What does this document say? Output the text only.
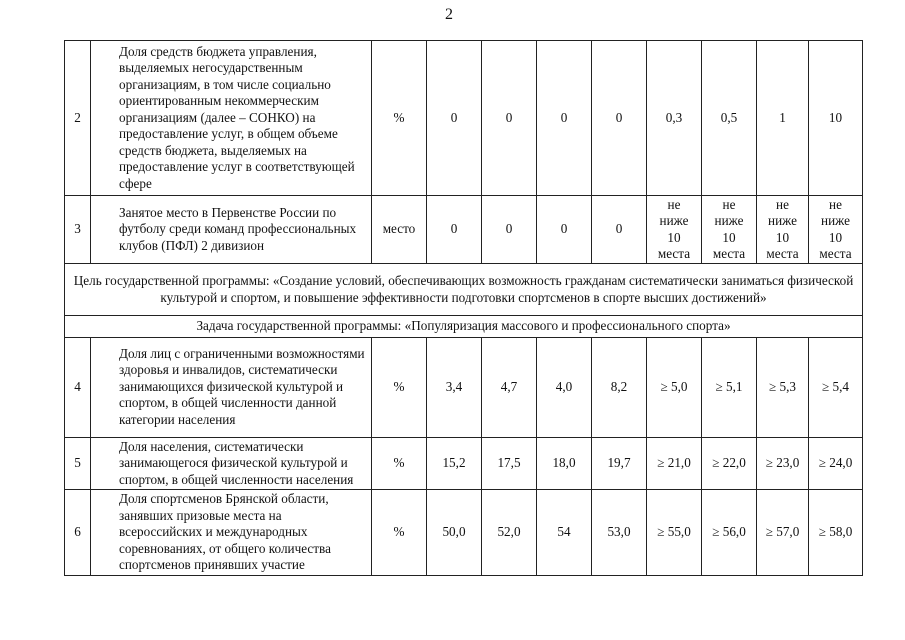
2
2	Доля средств бюджета управления, выделяемых негосударственным организациям, в том числе социально ориентированным некоммерческим организациям (далее – СОНКО) на предоставление услуг, в общем объеме средств бюджета, выделяемых на предоставление услуг в соответствующей сфере	%	0	0	0	0	0,3	0,5	1	10
3	Занятое место в Первенстве России по футболу среди команд профессиональных клубов (ПФЛ) 2 дивизион	место	0	0	0	0	не
ниже
10
места	не
ниже
10
места	не
ниже
10
места	не
ниже
10
места
Цель государственной программы: «Создание условий, обеспечивающих возможность гражданам систематически заниматься физической культурой и спортом, и повышение эффективности подготовки спортсменов в спорте высших достижений»										
Задача государственной программы: «Популяризация массового и профессионального спорта»										
4	Доля лиц с ограниченными возможностями здоровья и инвалидов, систематически занимающихся физической культурой и спортом, в общей численности данной категории населения	%	3,4	4,7	4,0	8,2	≥ 5,0	≥ 5,1	≥ 5,3	≥ 5,4
5	Доля населения, систематически занимающегося физической культурой и спортом, в общей численности населения	%	15,2	17,5	18,0	19,7	≥ 21,0	≥ 22,0	≥ 23,0	≥ 24,0
6	Доля спортсменов Брянской области, занявших призовые места на всероссийских и международных соревнованиях, от общего количества спортсменов принявших участие	%	50,0	52,0	54	53,0	≥ 55,0	≥ 56,0	≥ 57,0	≥ 58,0
